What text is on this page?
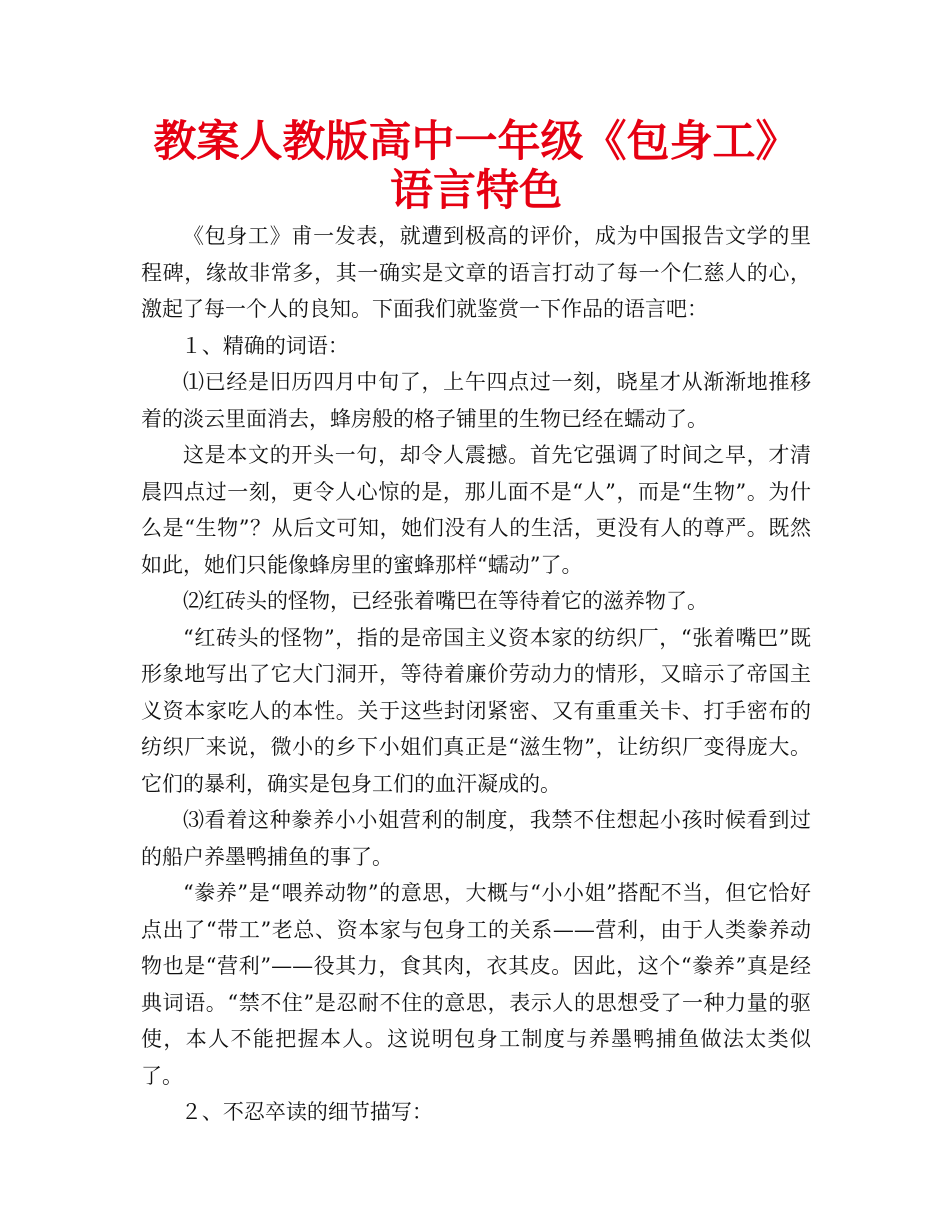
教案人教版高中一年级《包身工》语言特色

《包身工》甫一发表，就遭到极高的评价，成为中国报告文学的里程碑，缘故非常多，其一确实是文章的语言打动了每一个仁慈人的心，激起了每一个人的良知。下面我们就鉴赏一下作品的语言吧：

１、精确的词语：

⑴已经是旧历四月中旬了，上午四点过一刻，晓星才从渐渐地推移着的淡云里面消去，蜂房般的格子铺里的生物已经在蠕动了。

这是本文的开头一句，却令人震撼。首先它强调了时间之早，才清晨四点过一刻，更令人心惊的是，那儿面不是“人”，而是“生物”。为什么是“生物”？从后文可知，她们没有人的生活，更没有人的尊严。既然如此，她们只能像蜂房里的蜜蜂那样“蠕动”了。

⑵红砖头的怪物，已经张着嘴巴在等待着它的滋养物了。

“红砖头的怪物”，指的是帝国主义资本家的纺织厂，“张着嘴巴”既形象地写出了它大门洞开，等待着廉价劳动力的情形，又暗示了帝国主义资本家吃人的本性。关于这些封闭紧密、又有重重关卡、打手密布的纺织厂来说，微小的乡下小姐们真正是“滋生物”，让纺织厂变得庞大。它们的暴利，确实是包身工们的血汗凝成的。

⑶看着这种豢养小小姐营利的制度，我禁不住想起小孩时候看到过的船户养墨鸭捕鱼的事了。

“豢养”是“喂养动物”的意思，大概与“小小姐”搭配不当，但它恰好点出了“带工”老总、资本家与包身工的关系——营利，由于人类豢养动物也是“营利”——役其力，食其肉，衣其皮。因此，这个“豢养”真是经典词语。“禁不住”是忍耐不住的意思，表示人的思想受了一种力量的驱使，本人不能把握本人。这说明包身工制度与养墨鸭捕鱼做法太类似了。

２、不忍卒读的细节描写：
